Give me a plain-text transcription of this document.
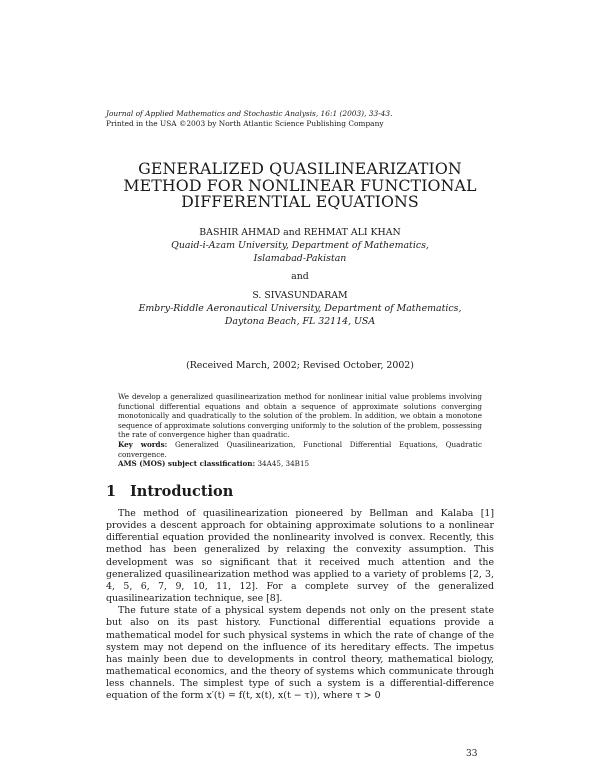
Journal of Applied Mathematics and Stochastic Analysis, 16:1 (2003), 33-43.
Printed in the USA ©2003 by North Atlantic Science Publishing Company
GENERALIZED QUASILINEARIZATION
METHOD FOR NONLINEAR FUNCTIONAL
DIFFERENTIAL EQUATIONS
BASHIR AHMAD and REHMAT ALI KHAN
Quaid-i-Azam University, Department of Mathematics,
Islamabad-Pakistan
and
S. SIVASUNDARAM
Embry-Riddle Aeronautical University, Department of Mathematics,
Daytona Beach, FL 32114, USA
(Received March, 2002; Revised October, 2002)

We develop a generalized quasilinearization method for nonlinear initial value problems involving functional differential equations and obtain a sequence of approximate solutions converging monotonically and quadratically to the solution of the problem. In addition, we obtain a monotone sequence of approximate solutions converging uniformly to the solution of the problem, possessing the rate of convergence higher than quadratic.

Key words: Generalized Quasilinearization, Functional Differential Equations, Quadratic convergence.

AMS (MOS) subject classification: 34A45, 34B15

1 Introduction

The method of quasilinearization pioneered by Bellman and Kalaba [1] provides a descent approach for obtaining approximate solutions to a nonlinear differential equation provided the nonlinearity involved is convex. Recently, this method has been generalized by relaxing the convexity assumption. This development was so significant that it received much attention and the generalized quasilinearization method was applied to a variety of problems [2, 3, 4, 5, 6, 7, 9, 10, 11, 12]. For a complete survey of the generalized quasilinearization technique, see [8].

The future state of a physical system depends not only on the present state but also on its past history. Functional differential equations provide a mathematical model for such physical systems in which the rate of change of the system may not depend on the influence of its hereditary effects. The impetus has mainly been due to developments in control theory, mathematical biology, mathematical economics, and the theory of systems which communicate through less channels. The simplest type of such a system is a differential-difference equation of the form x′(t) = f(t, x(t), x(t − τ)), where τ > 0

33
